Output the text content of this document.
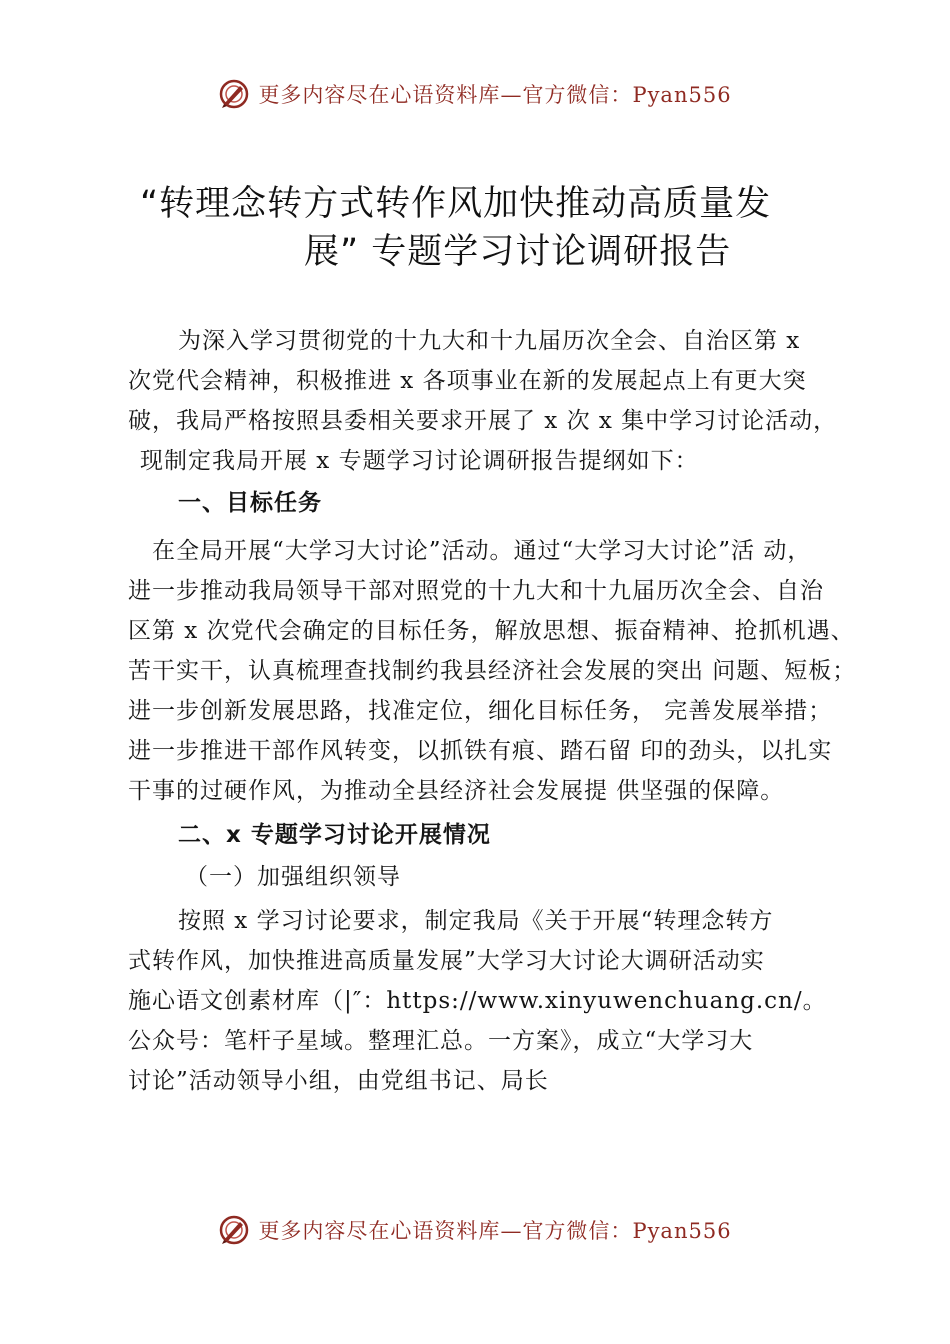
更多内容尽在心语资料库—官方微信：Pyan556
“转理念转方式转作风加快推动高质量发
展” 专题学习讨论调研报告
为深入学习贯彻党的十九大和十九届历次全会、自治区第 x
次党代会精神，积极推进 x 各项事业在新的发展起点上有更大突
破，我局严格按照县委相关要求开展了 x 次 x 集中学习讨论活动，
现制定我局开展 x 专题学习讨论调研报告提纲如下：
一、目标任务
在全局开展“大学习大讨论”活动。通过“大学习大讨论”活 动，
进一步推动我局领导干部对照党的十九大和十九届历次全会、自治
区第 x 次党代会确定的目标任务，解放思想、振奋精神、抢抓机遇、
苦干实干，认真梳理查找制约我县经济社会发展的突出 问题、短板；
进一步创新发展思路，找准定位，细化目标任务， 完善发展举措；
进一步推进干部作风转变，以抓铁有痕、踏石留 印的劲头，以扎实
干事的过硬作风，为推动全县经济社会发展提 供坚强的保障。
二、x 专题学习讨论开展情况
（一）加强组织领导
按照 x 学习讨论要求，制定我局《关于开展“转理念转方
式转作风，加快推进高质量发展”大学习大讨论大调研活动实
施心语文创素材库（|″：https://www.xinyuwenchuang.cn/。
公众号：笔杆子星域。整理汇总。一方案》，成立“大学习大
讨论”活动领导小组，由党组书记、局长
更多内容尽在心语资料库—官方微信：Pyan556
